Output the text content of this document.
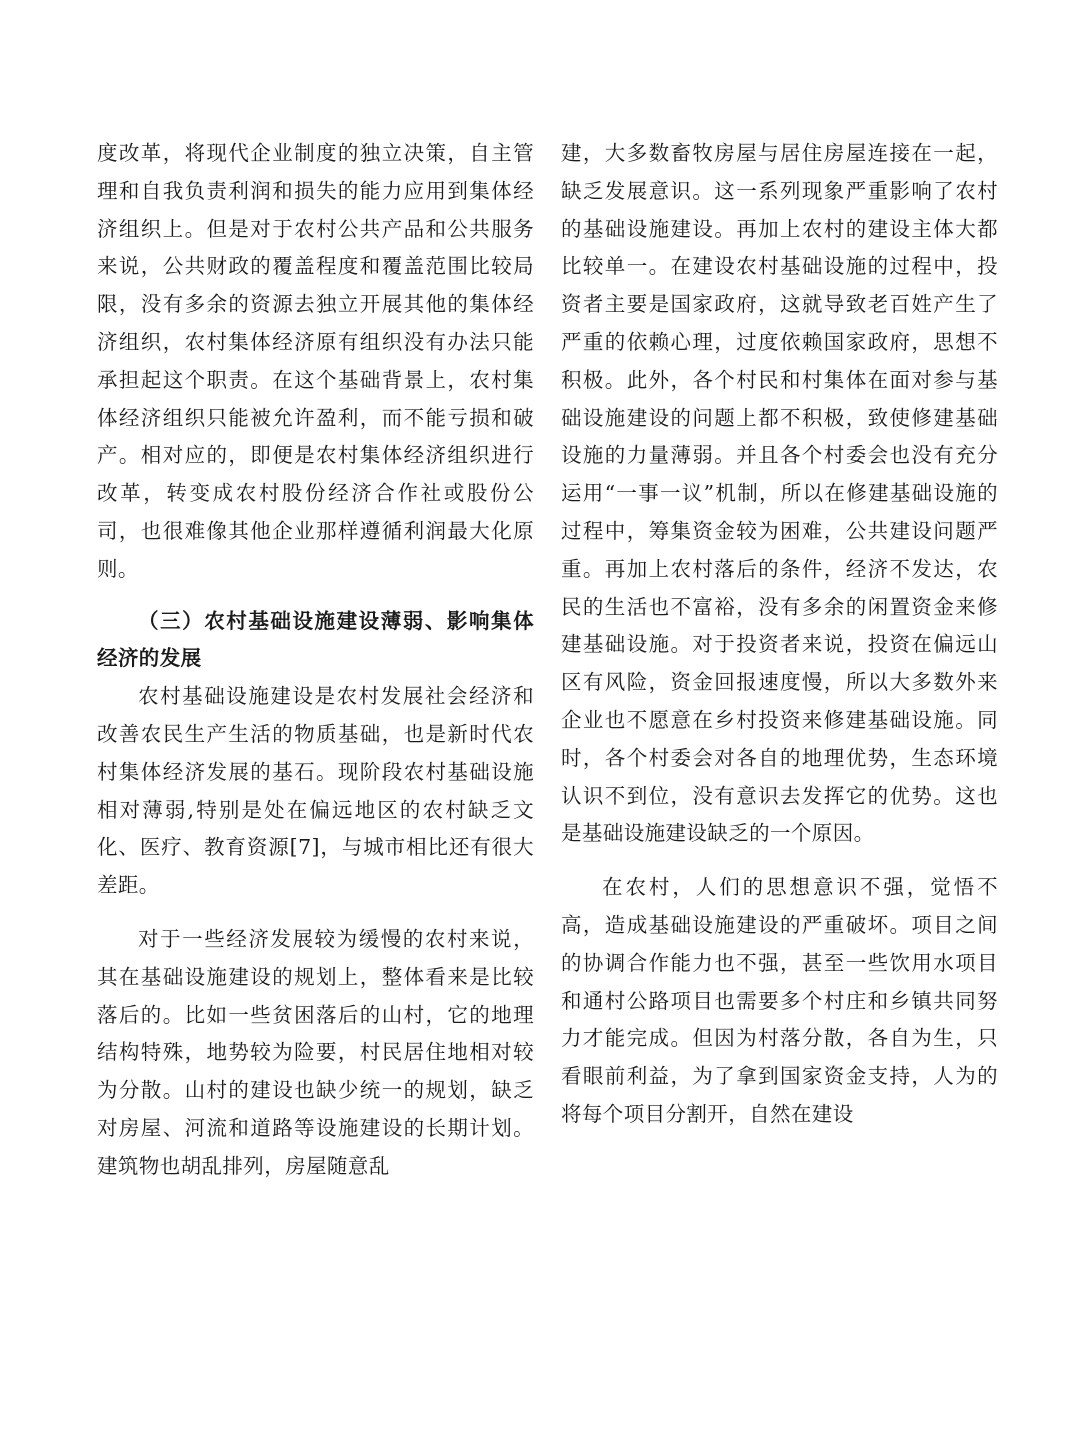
度改革，将现代企业制度的独立决策，自主管理和自我负责利润和损失的能力应用到集体经济组织上。但是对于农村公共产品和公共服务来说，公共财政的覆盖程度和覆盖范围比较局限，没有多余的资源去独立开展其他的集体经济组织，农村集体经济原有组织没有办法只能承担起这个职责。在这个基础背景上，农村集体经济组织只能被允许盈利，而不能亏损和破产。相对应的，即便是农村集体经济组织进行改革，转变成农村股份经济合作社或股份公司，也很难像其他企业那样遵循利润最大化原则。

（三）农村基础设施建设薄弱、影响集体经济的发展

农村基础设施建设是农村发展社会经济和改善农民生产生活的物质基础，也是新时代农村集体经济发展的基石。现阶段农村基础设施相对薄弱,特别是处在偏远地区的农村缺乏文化、医疗、教育资源[7]，与城市相比还有很大差距。

对于一些经济发展较为缓慢的农村来说，其在基础设施建设的规划上，整体看来是比较落后的。比如一些贫困落后的山村，它的地理结构特殊，地势较为险要，村民居住地相对较为分散。山村的建设也缺少统一的规划，缺乏对房屋、河流和道路等设施建设的长期计划。建筑物也胡乱排列，房屋随意乱

建，大多数畜牧房屋与居住房屋连接在一起，缺乏发展意识。这一系列现象严重影响了农村的基础设施建设。再加上农村的建设主体大都比较单一。在建设农村基础设施的过程中，投资者主要是国家政府，这就导致老百姓产生了严重的依赖心理，过度依赖国家政府，思想不积极。此外，各个村民和村集体在面对参与基础设施建设的问题上都不积极，致使修建基础设施的力量薄弱。并且各个村委会也没有充分运用“一事一议”机制，所以在修建基础设施的过程中，筹集资金较为困难，公共建设问题严重。再加上农村落后的条件，经济不发达，农民的生活也不富裕，没有多余的闲置资金来修建基础设施。对于投资者来说，投资在偏远山区有风险，资金回报速度慢，所以大多数外来企业也不愿意在乡村投资来修建基础设施。同时，各个村委会对各自的地理优势，生态环境认识不到位，没有意识去发挥它的优势。这也是基础设施建设缺乏的一个原因。

在农村，人们的思想意识不强，觉悟不高，造成基础设施建设的严重破坏。项目之间的协调合作能力也不强，甚至一些饮用水项目和通村公路项目也需要多个村庄和乡镇共同努力才能完成。但因为村落分散，各自为生，只看眼前利益，为了拿到国家资金支持，人为的将每个项目分割开，自然在建设
